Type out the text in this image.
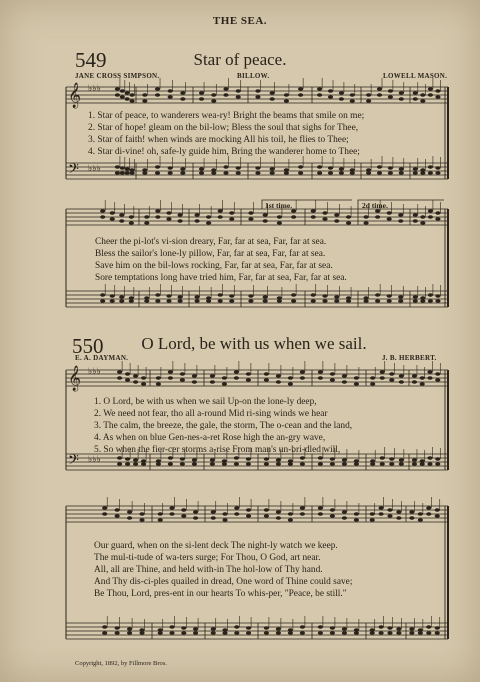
𝄞
𝄢
♭♭♭
♭♭♭
𝄞
𝄢
♭♭♭
♭♭♭
THE SEA.
549	Star of peace.
JANE CROSS SIMPSON.	BILLOW.	LOWELL MASON.
1. Star of peace, to wanderers wea-ry! Bright the beams that smile on me;
2. Star of hope! gleam on the bil-low; Bless the soul that sighs for Thee,
3. Star of faith! when winds are mocking All his toil, he flies to Thee;
4. Star di-vine! oh, safe-ly guide him, Bring the wanderer home to Thee;
1st time.	2d time.
Cheer the pi-lot's vi-sion dreary, Far, far at sea, Far, far at sea.
Bless the sailor's lone-ly pillow, Far, far at sea, Far, far at sea.
Save him on the bil-lows rocking, Far, far at sea, Far, far at sea.
Sore temptations long have tried him, Far, far at sea, Far, far at sea.
550	O Lord, be with us when we sail.
E. A. DAYMAN.	J. B. HERBERT.
1. O Lord, be with us when we sail Up-on the lone-ly deep,
2. We need not fear, tho all a-round Mid ri-sing winds we hear
3. The calm, the breeze, the gale, the storm, The o-cean and the land,
4. As when on blue Gen-nes-a-ret Rose high the an-gry wave,
5. So when the fier-cer storms a-rise From man's un-bri-dled will,
Our guard, when on the si-lent deck The night-ly watch we keep.
The mul-ti-tude of wa-ters surge; For Thou, O God, art near.
All, all are Thine, and held with-in The hol-low of Thy hand.
And Thy dis-ci-ples quailed in dread, One word of Thine could save;
Be Thou, Lord, pres-ent in our hearts To whis-per, "Peace, be still."
Copyright, 1892, by Fillmore Bros.
